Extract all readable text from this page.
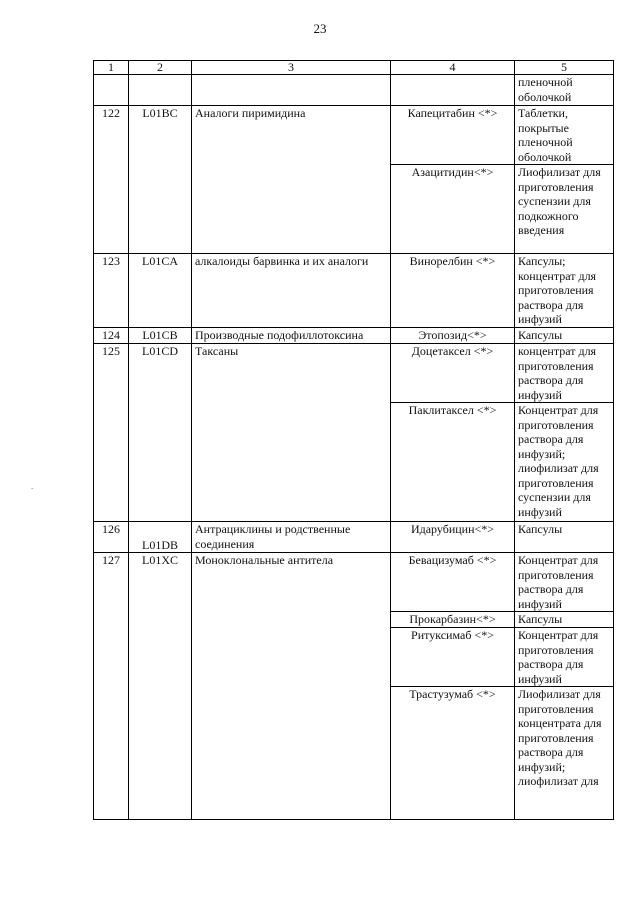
23
.
1	2	3	4	5
				пленочной оболочкой
122	L01BC	Аналоги пиримидина	Капецитабин <*>	Таблетки, покрытые пленочной оболочкой
			Азацитидин<*>	Лиофилизат для приготовления суспензии для подкожного введения
123	L01CA	алкалоиды барвинка и их аналоги	Винорелбин <*>	Капсулы; концентрат для приготовления раствора для инфузий
124	L01CB	Производные подофиллотоксина	Этопозид<*>	Капсулы
125	L01CD	Таксаны	Доцетаксел <*>	концентрат для приготовления раствора для инфузий
			Паклитаксел <*>	Концентрат для приготовления раствора для инфузий; лиофилизат для приготовления суспензии для инфузий
126	L01DB	Антрациклины и родственные соединения	Идарубицин<*>	Капсулы
127	L01XC	Моноклональные антитела	Бевацизумаб <*>	Концентрат для приготовления раствора для инфузий
			Прокарбазин<*>	Капсулы
			Ритуксимаб <*>	Концентрат для приготовления раствора для инфузий
			Трастузумаб <*>	Лиофилизат для приготовления концентрата для приготовления раствора для инфузий; лиофилизат для
